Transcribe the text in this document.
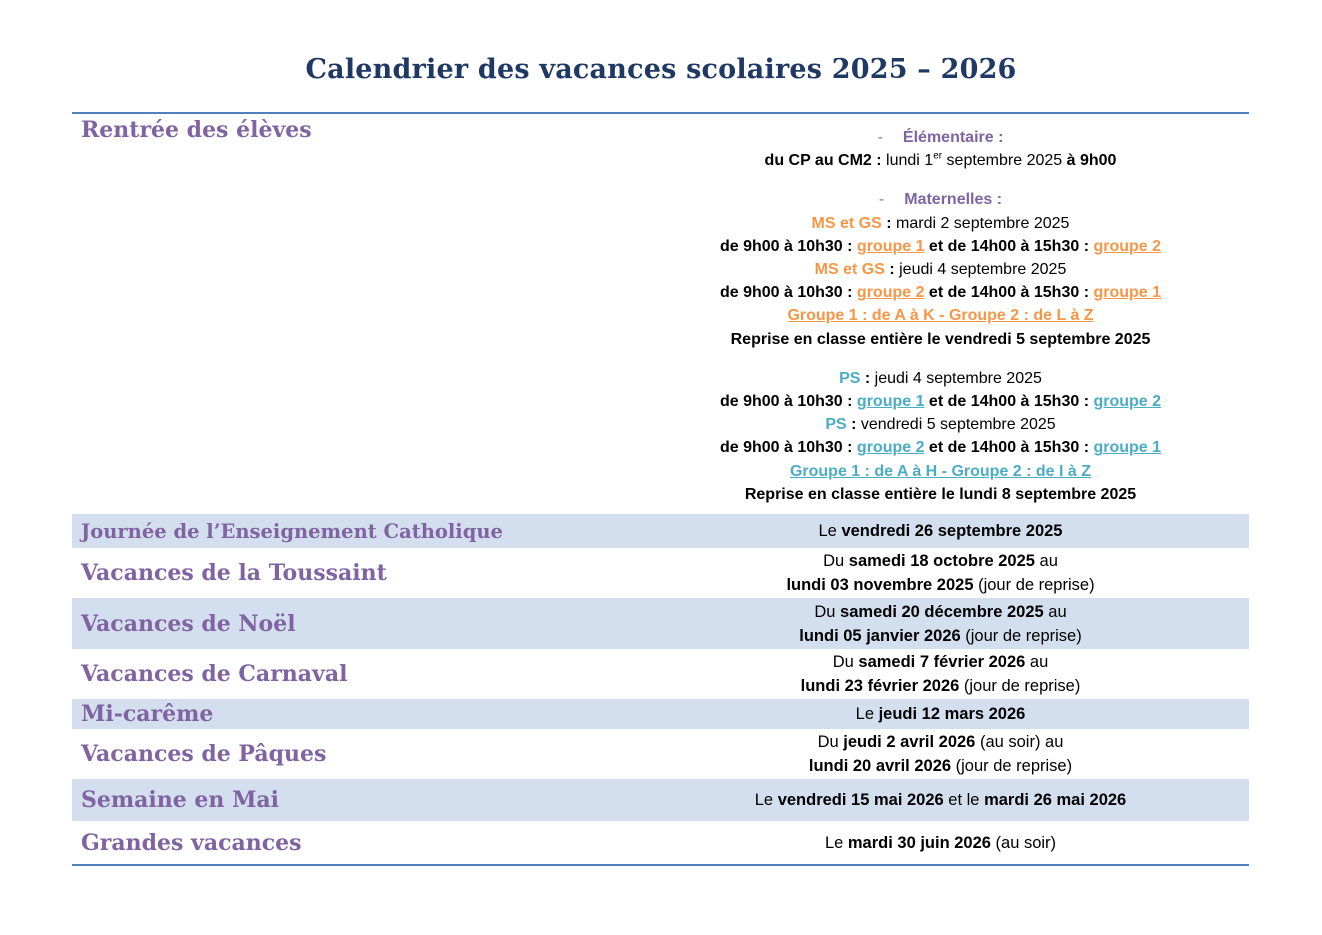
Calendrier des vacances scolaires 2025 – 2026
Rentrée des élèves	- Élémentaire :
du CP au CM2 : lundi 1er septembre 2025 à 9h00
- Maternelles :
MS et GS : mardi 2 septembre 2025
de 9h00 à 10h30 : groupe 1 et de 14h00 à 15h30 : groupe 2
MS et GS : jeudi 4 septembre 2025
de 9h00 à 10h30 : groupe 2 et de 14h00 à 15h30 : groupe 1
Groupe 1 : de A à K - Groupe 2 : de L à Z
Reprise en classe entière le vendredi 5 septembre 2025
PS : jeudi 4 septembre 2025
de 9h00 à 10h30 : groupe 1 et de 14h00 à 15h30 : groupe 2
PS : vendredi 5 septembre 2025
de 9h00 à 10h30 : groupe 2 et de 14h00 à 15h30 : groupe 1
Groupe 1 : de A à H - Groupe 2 : de I à Z
Reprise en classe entière le lundi 8 septembre 2025
Journée de l’Enseignement Catholique	Le vendredi 26 septembre 2025
Vacances de la Toussaint	Du samedi 18 octobre 2025 au
lundi 03 novembre 2025 (jour de reprise)
Vacances de Noël	Du samedi 20 décembre 2025 au
lundi 05 janvier 2026 (jour de reprise)
Vacances de Carnaval	Du samedi 7 février 2026 au
lundi 23 février 2026 (jour de reprise)
Mi-carême	Le jeudi 12 mars 2026
Vacances de Pâques	Du jeudi 2 avril 2026 (au soir) au
lundi 20 avril 2026 (jour de reprise)
Semaine en Mai	Le vendredi 15 mai 2026 et le mardi 26 mai 2026
Grandes vacances	Le mardi 30 juin 2026 (au soir)
